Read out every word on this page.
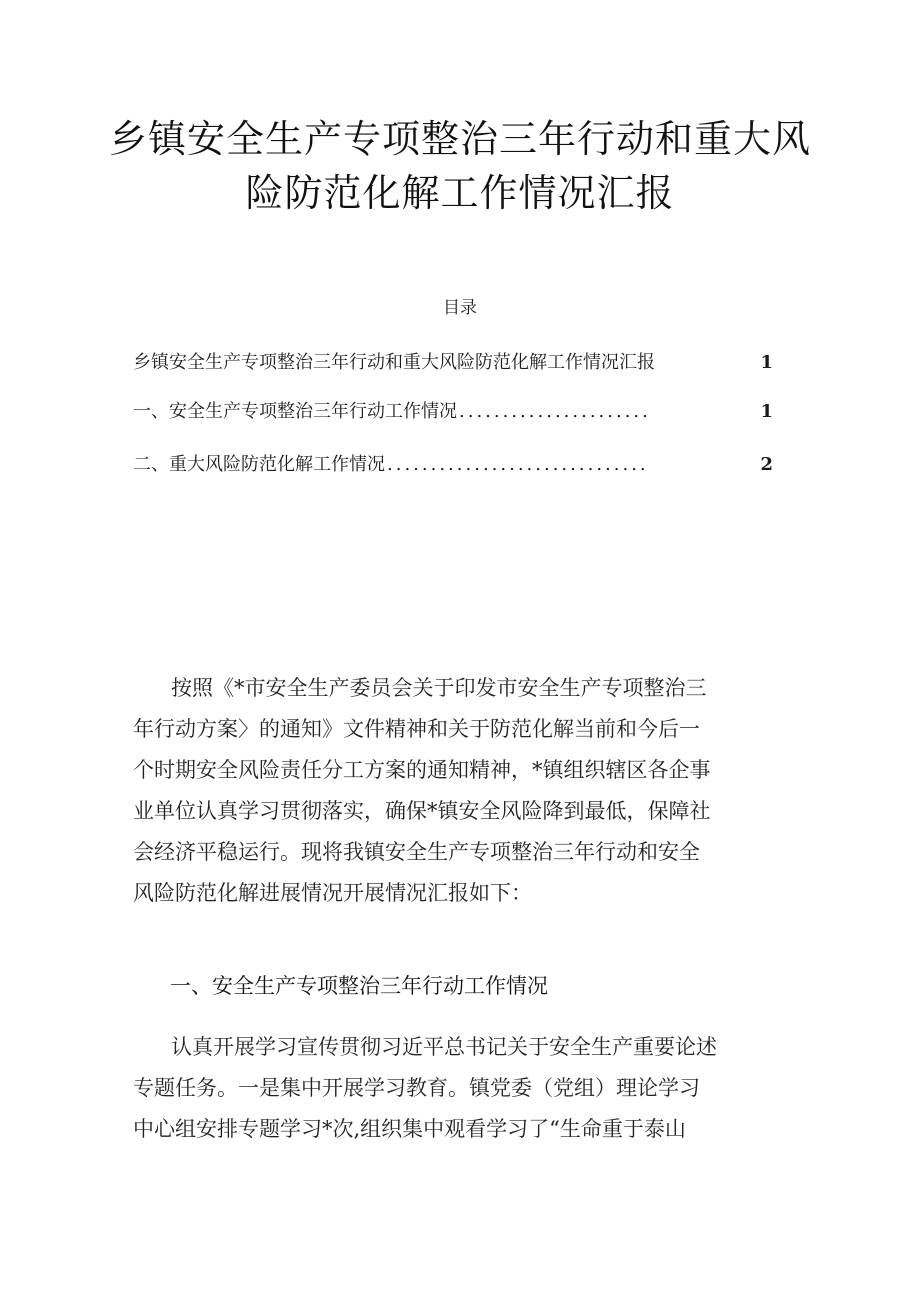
乡镇安全生产专项整治三年行动和重大风
险防范化解工作情况汇报
目录
乡镇安全生产专项整治三年行动和重大风险防范化解工作情况汇报	1
一、安全生产专项整治三年行动工作情况 ......................	1
二、重大风险防范化解工作情况 ..............................	2
按照《*市安全生产委员会关于印发市安全生产专项整治三
年行动方案〉的通知》文件精神和关于防范化解当前和今后一
个时期安全风险责任分工方案的通知精神，*镇组织辖区各企事
业单位认真学习贯彻落实，确保*镇安全风险降到最低，保障社
会经济平稳运行。现将我镇安全生产专项整治三年行动和安全
风险防范化解进展情况开展情况汇报如下：
一、安全生产专项整治三年行动工作情况
认真开展学习宣传贯彻习近平总书记关于安全生产重要论述
专题任务。一是集中开展学习教育。镇党委（党组）理论学习
中心组安排专题学习*次,组织集中观看学习了“生命重于泰山
